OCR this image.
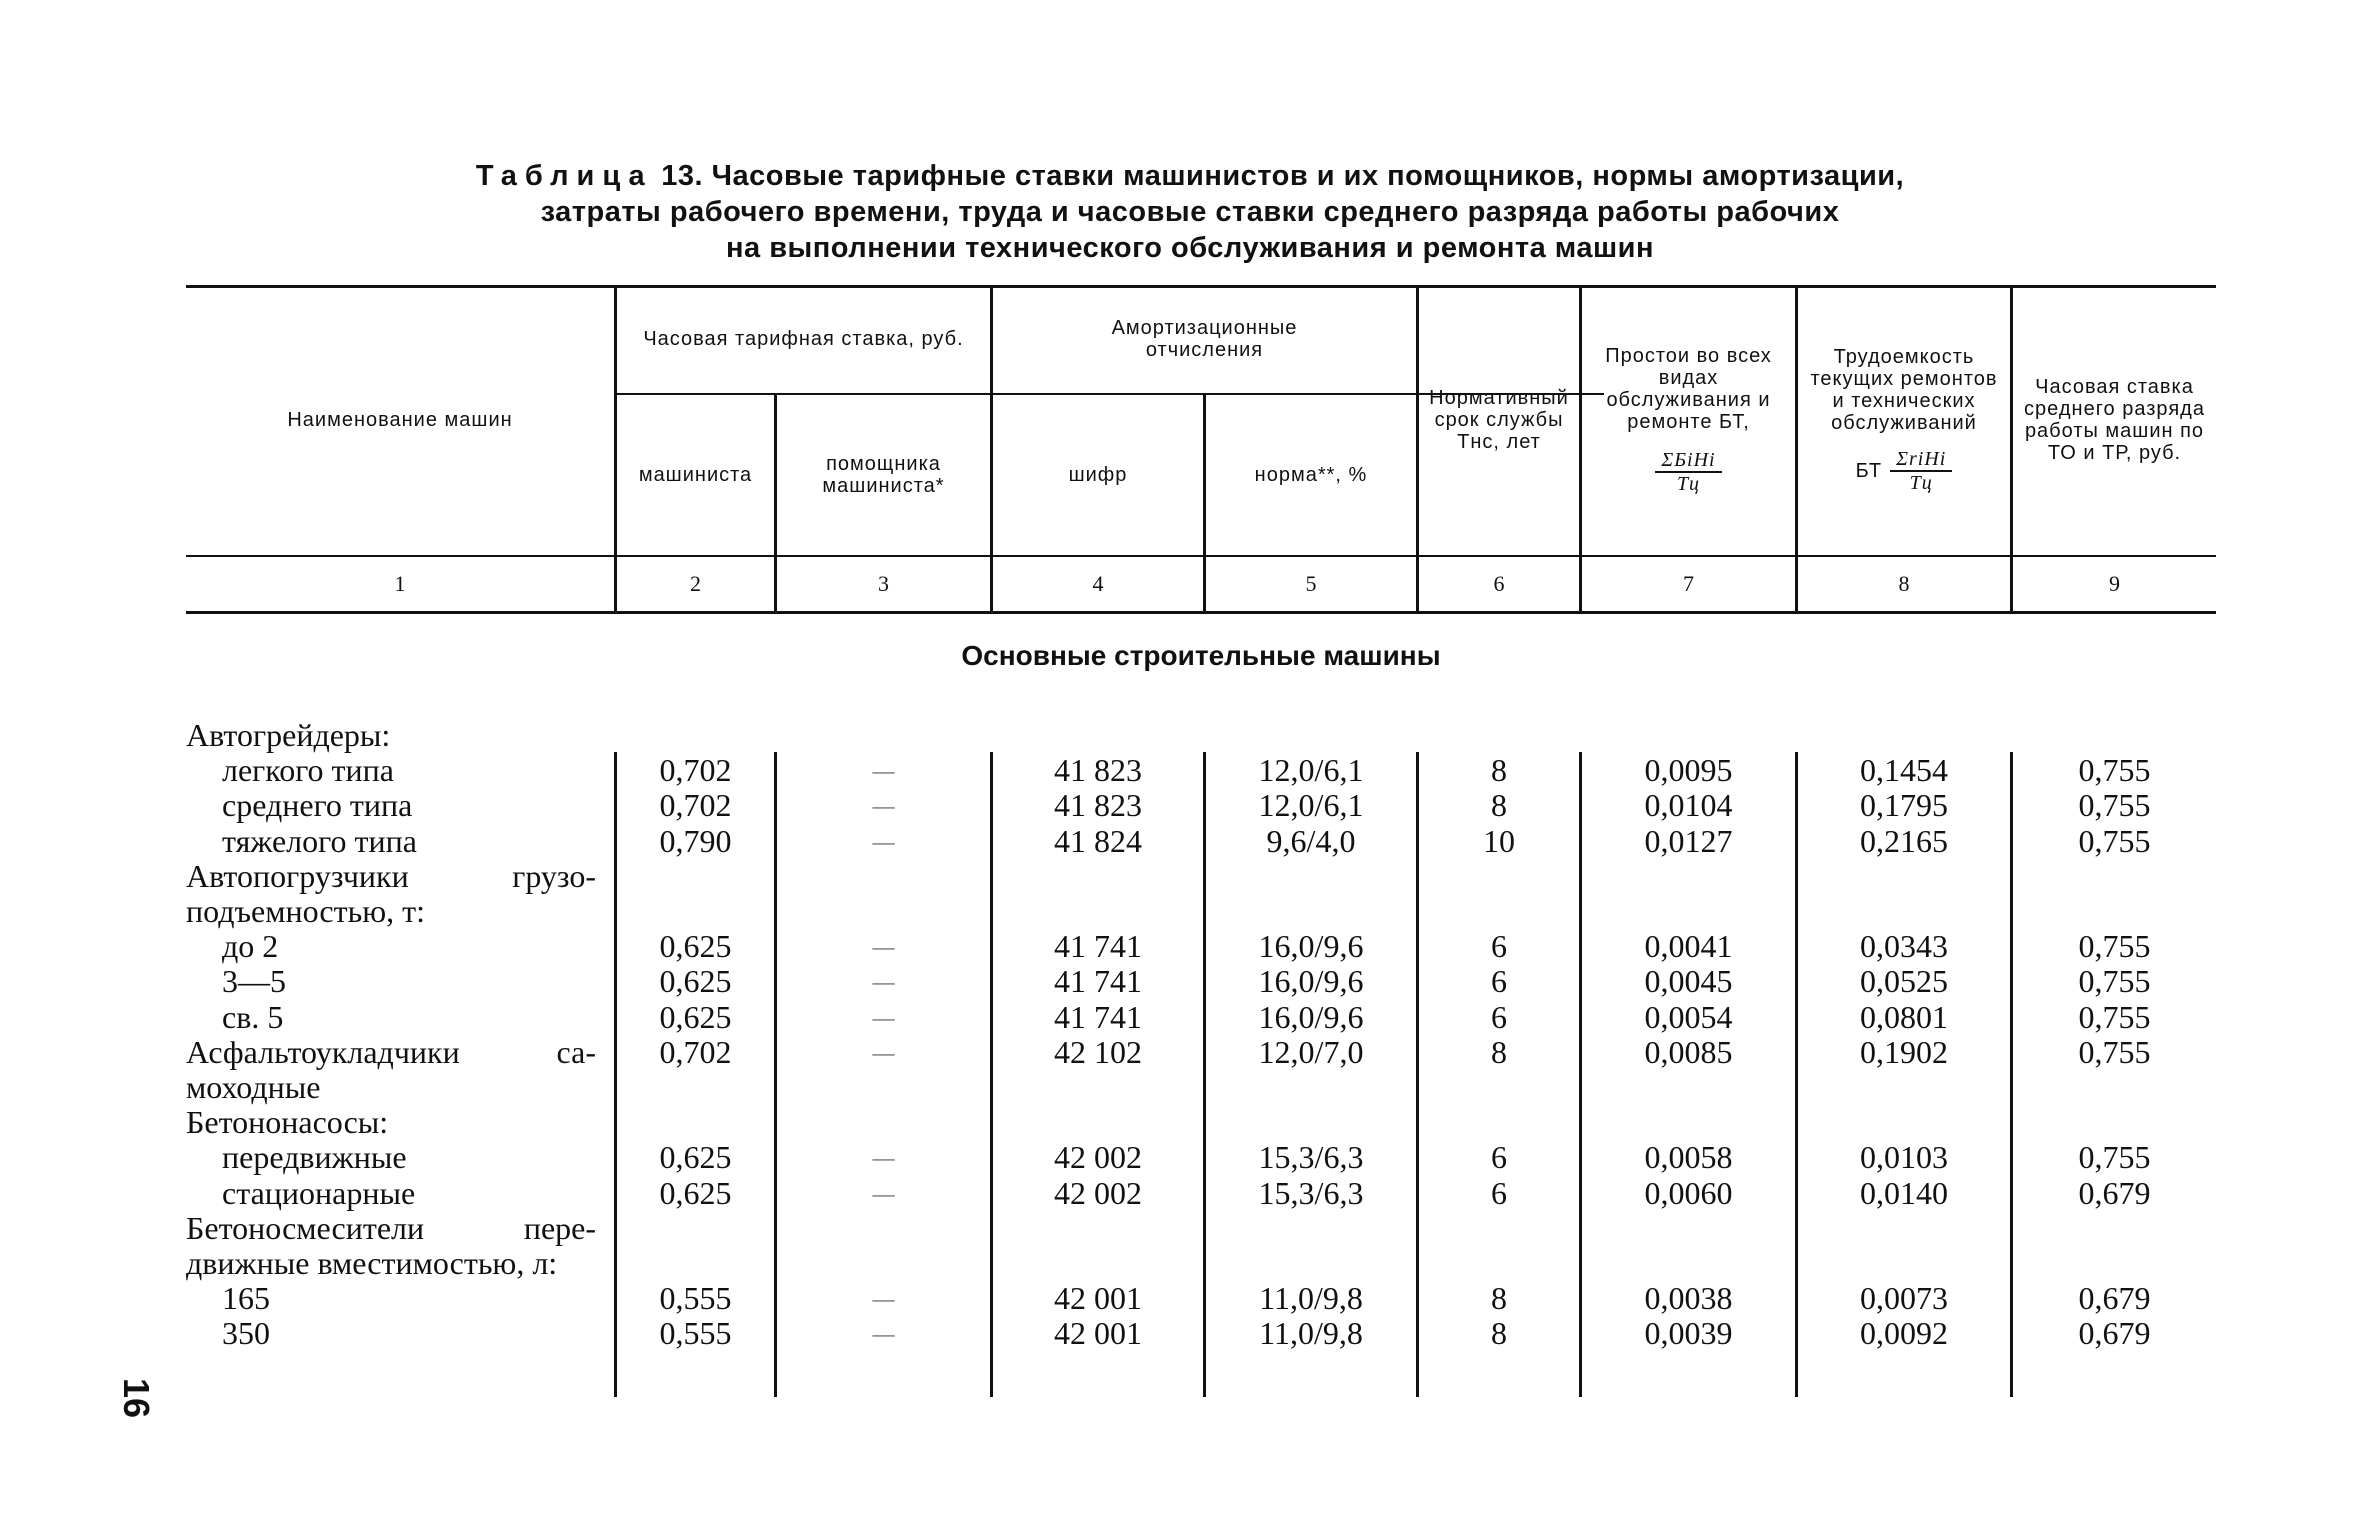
Таблица 13. Часовые тарифные ставки машинистов и их помощников, нормы амортизации,
затраты рабочего времени, труда и часовые ставки среднего разряда работы рабочих
на выполнении технического обслуживания и ремонта машин
Наименование машин
Часовая тарифная ставка, руб.
машиниста	помощника машиниста*
Амортизационные отчисления
шифр	норма**, %
Нормативный срок службы Тнс, лет
Простои во всех видах обслуживания и ремонте БТ,
$\frac{\text{ΣБiHi}}{Тц}$
Трудоемкость текущих ремонтов и технических обслуживаний
БТ $\frac{\text{ΣriHi}}{Тц}$
Часовая ставка среднего разряда работы машин по ТО и ТР, руб.
1	2	3	4	5	6	7	8	9
Основные строительные машины
Автогрейдеры:
легкого типа	0,702	—	41 823	12,0/6,1	8	0,0095	0,1454	0,755
среднего типа	0,702	—	41 823	12,0/6,1	8	0,0104	0,1795	0,755
тяжелого типа	0,790	—	41 824	9,6/4,0	10	0,0127	0,2165	0,755
Автопогрузчики грузо-
подъемностью, т:
до 2	0,625	—	41 741	16,0/9,6	6	0,0041	0,0343	0,755
3—5	0,625	—	41 741	16,0/9,6	6	0,0045	0,0525	0,755
св. 5	0,625	—	41 741	16,0/9,6	6	0,0054	0,0801	0,755
Асфальтоукладчики са-	0,702	—	42 102	12,0/7,0	8	0,0085	0,1902	0,755
моходные
Бетононасосы:
передвижные	0,625	—	42 002	15,3/6,3	6	0,0058	0,0103	0,755
стационарные	0,625	—	42 002	15,3/6,3	6	0,0060	0,0140	0,679
Бетоносмесители пере-
движные вместимостью, л:
165	0,555	—	42 001	11,0/9,8	8	0,0038	0,0073	0,679
350	0,555	—	42 001	11,0/9,8	8	0,0039	0,0092	0,679
16
